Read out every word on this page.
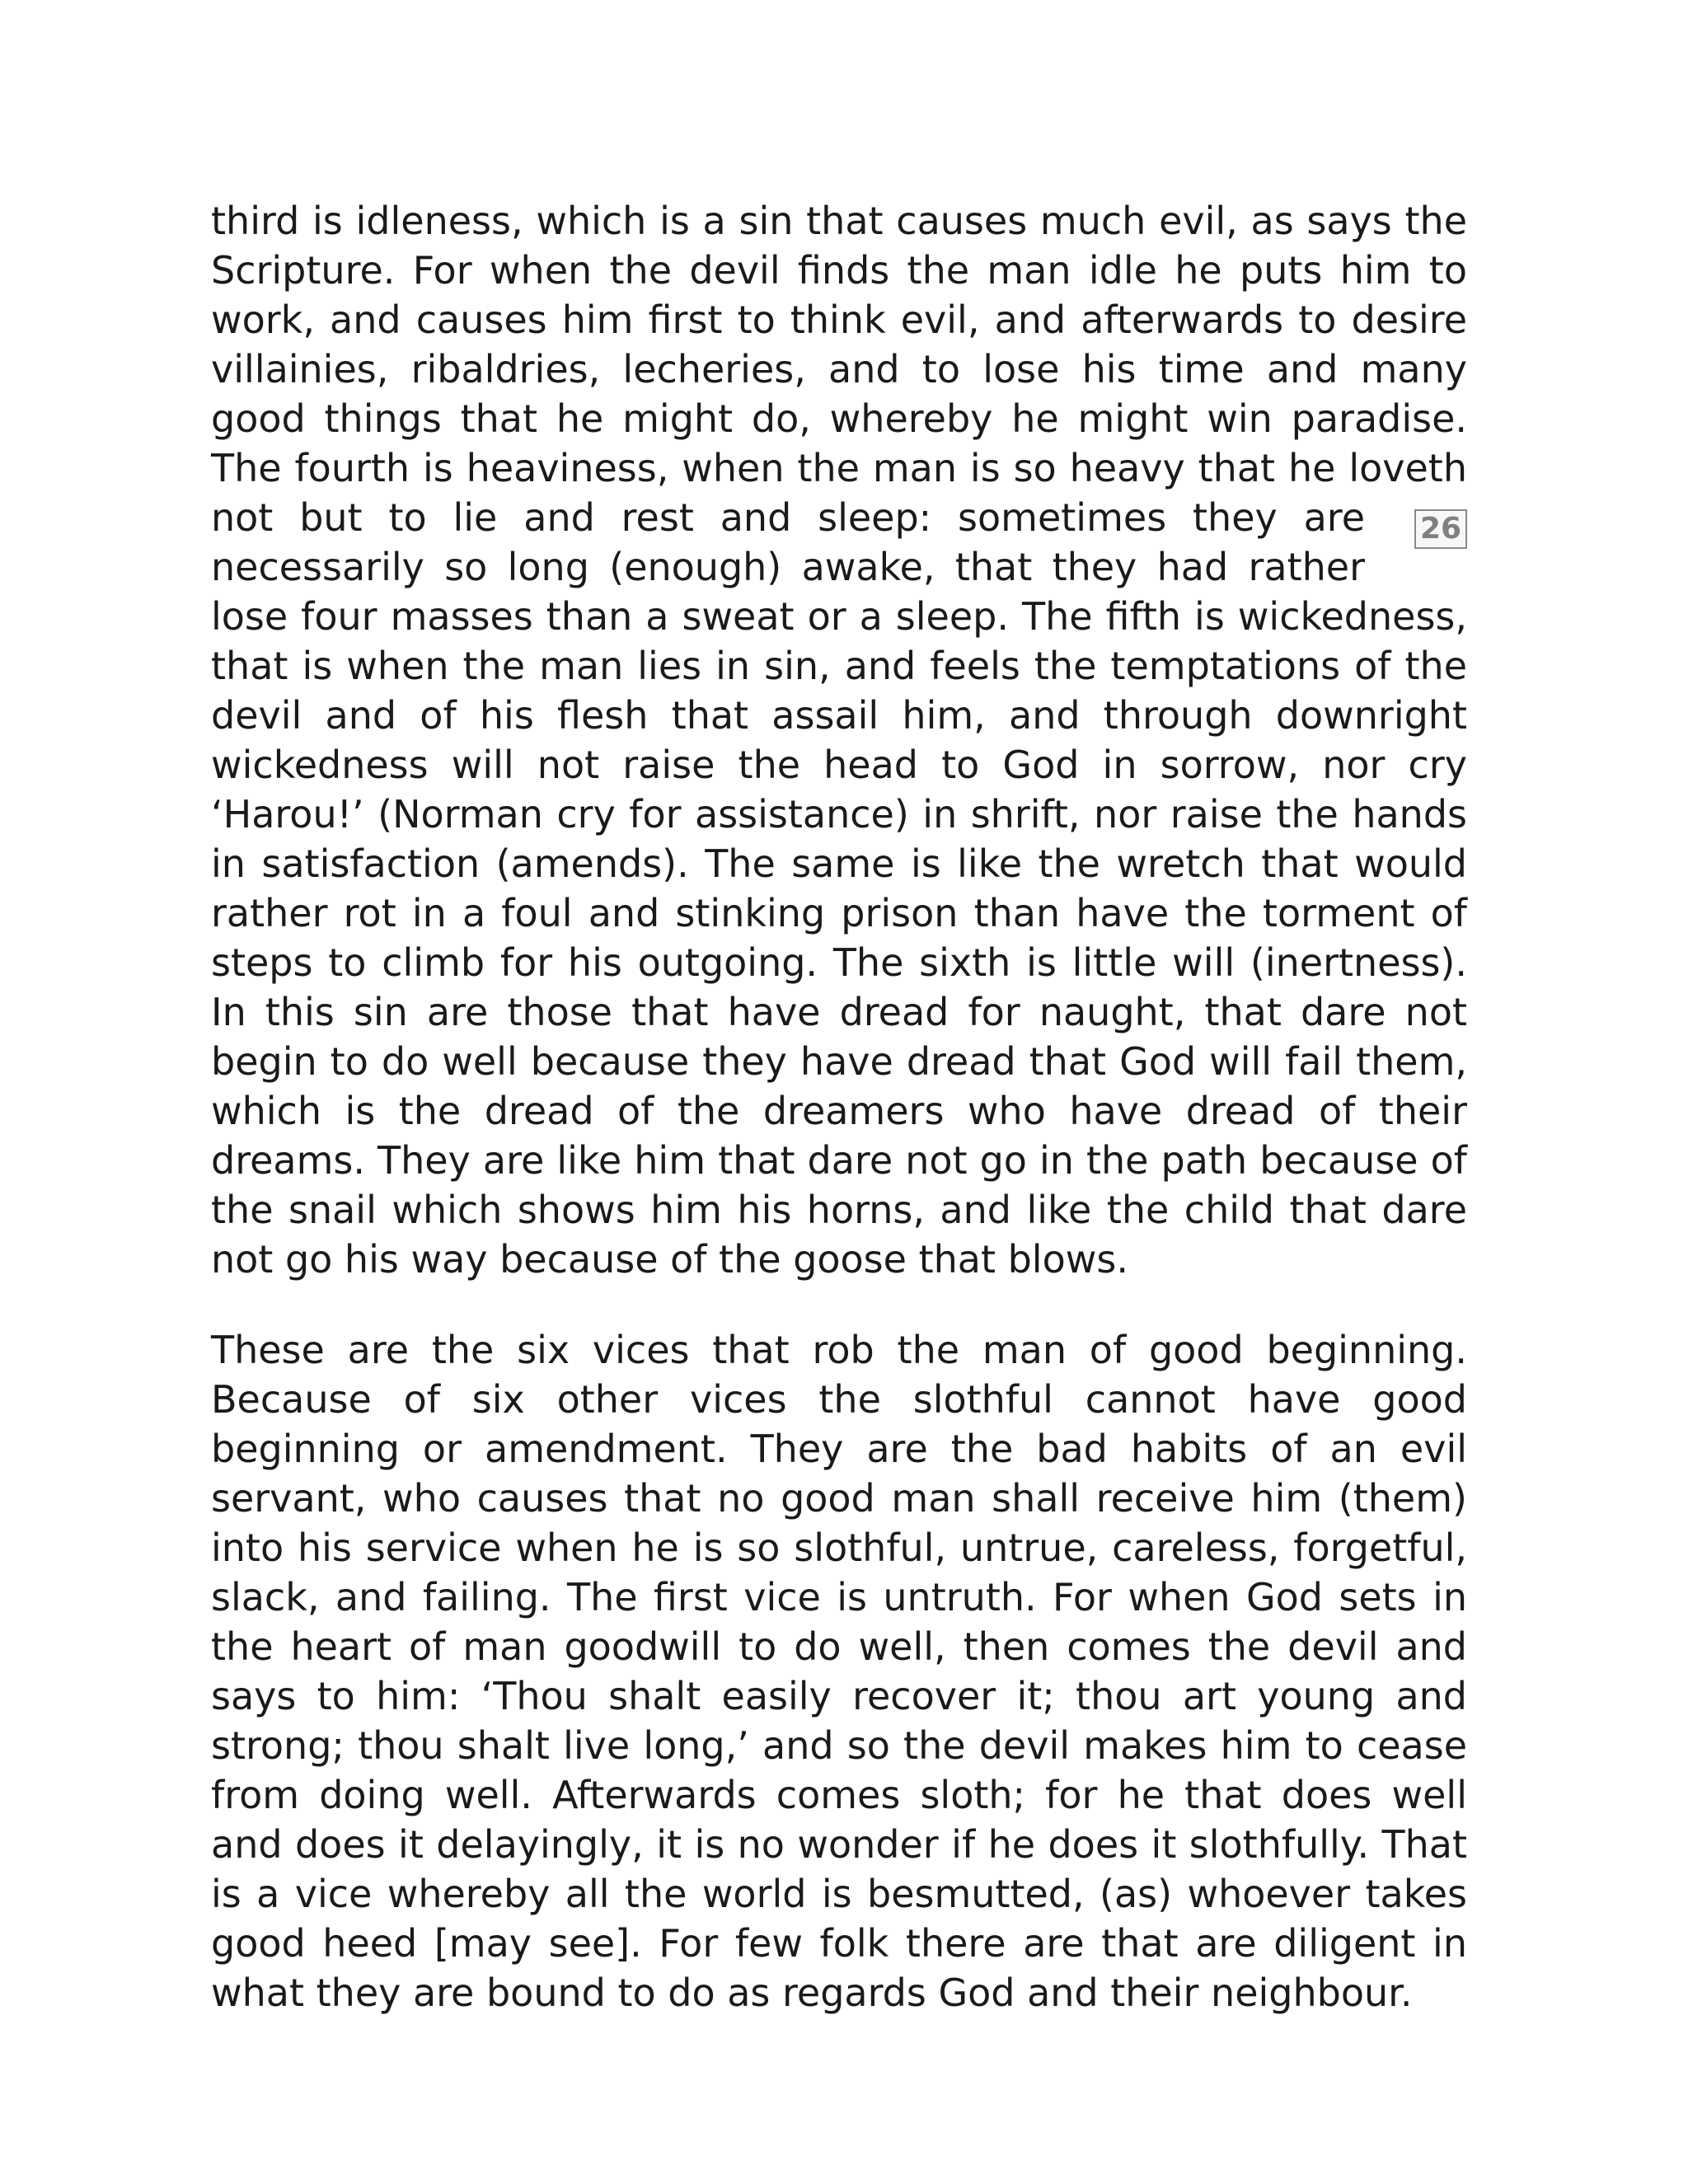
third is idleness, which is a sin that causes much evil, as says the Scripture. For when the devil finds the man idle he puts him to work, and causes him first to think evil, and afterwards to desire villainies, ribaldries, lecheries, and to lose his time and many good things that he might do, whereby he might win paradise. The fourth is heaviness, when the man is so heavy that he loveth not but to lie	26
and rest and sleep: sometimes they are necessarily so long (enough) awake, that they had rather lose four masses than a sweat or a sleep. The fifth is wickedness, that is when the man lies in sin, and feels the temptations of the devil and of his flesh that assail him, and through downright wickedness will not raise the head to God in sorrow, nor cry ‘Harou!’ (Norman cry for assistance) in shrift, nor raise the hands in satisfaction (amends). The same is like the wretch that would rather rot in a foul and stinking prison than have the torment of steps to climb for his outgoing. The sixth is little will (inertness). In this sin are those that have dread for naught, that dare not begin to do well because they have dread that God will fail them, which is the dread of the dreamers who have dread of their dreams. They are like him that dare not go in the path because of the snail which shows him his horns, and like the child that dare not go his way because of the goose that blows.

These are the six vices that rob the man of good beginning. Because of six other vices the slothful cannot have good beginning or amendment. They are the bad habits of an evil servant, who causes that no good man shall receive him (them) into his service when he is so slothful, untrue, careless, forgetful, slack, and failing. The first vice is untruth. For when God sets in the heart of man goodwill to do well, then comes the devil and says to him: ‘Thou shalt easily recover it; thou art young and strong; thou shalt live long,’ and so the devil makes him to cease from doing well. Afterwards comes sloth; for he that does well and does it delayingly, it is no wonder if he does it slothfully. That is a vice whereby all the world is besmutted, (as) whoever takes good heed [may see]. For few folk there are that are diligent in what they are bound to do as regards God and their neighbour.
